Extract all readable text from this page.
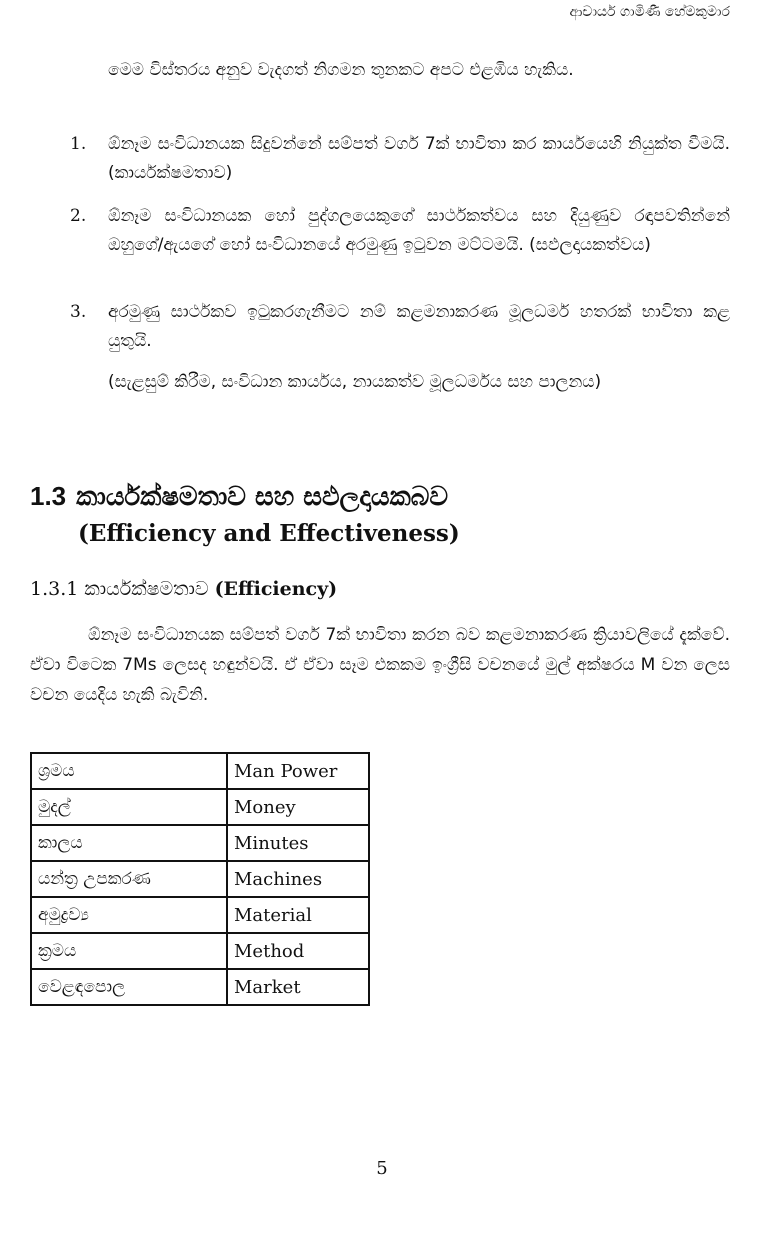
ආචාර්ය ගාමිණී හේමකුමාර

මෙම විස්තරය අනුව වැදගත් නිගමන තුනකට අපට එළඹිය හැකිය.

1. ඕනෑම සංවිධානයක සිදුවන්නේ සම්පත් වර්ග 7ක් භාවිතා කර කාර්යයෙහි නියුක්ත වීමයි. (කාර්යක්ෂමතාව)
2. ඕනෑම සංවිධානයක හෝ පුද්ගලයෙකුගේ සාර්ථකත්වය සහ දියුණුව රඳාපවතින්නේ ඔහුගේ/ඇයගේ හෝ සංවිධානයේ අරමුණු ඉටුවන මට්ටමයි. (සඵලදායකත්වය)
3. අරමුණු සාර්ථකව ඉටුකරගැනීමට නම් කළමනාකරණ මූලධර්ම හතරක් භාවිතා කළ යුතුයි.

(සැළසුම් කිරීම, සංවිධාන කාර්යය, නායකත්ව මූලධර්මය සහ පාලනය)

1.3 කාර්යක්ෂමතාව සහ සඵලදායකබව
(Efficiency and Effectiveness)
1.3.1 කාර්යක්ෂමතාව (Efficiency)

ඕනෑම සංවිධානයක සම්පත් වර්ග 7ක් භාවිතා කරන බව කළමනාකරණ ක්‍රියාවලියේ දැක්වේ. ඒවා විටෙක 7Ms ලෙසද හඳුන්වයි. ඒ ඒවා සෑම එකකම ඉංග්‍රීසි වචනයේ මුල් අක්ෂරය M වන ලෙස වචන යෙදිය හැකි බැවිනි.

ශ්‍රමය	Man Power
මුදල්	Money
කාලය	Minutes
යන්ත්‍ර උපකරණ	Machines
අමුද්‍රව්‍ය	Material
ක්‍රමය	Method
වෙළඳපොල	Market
5
